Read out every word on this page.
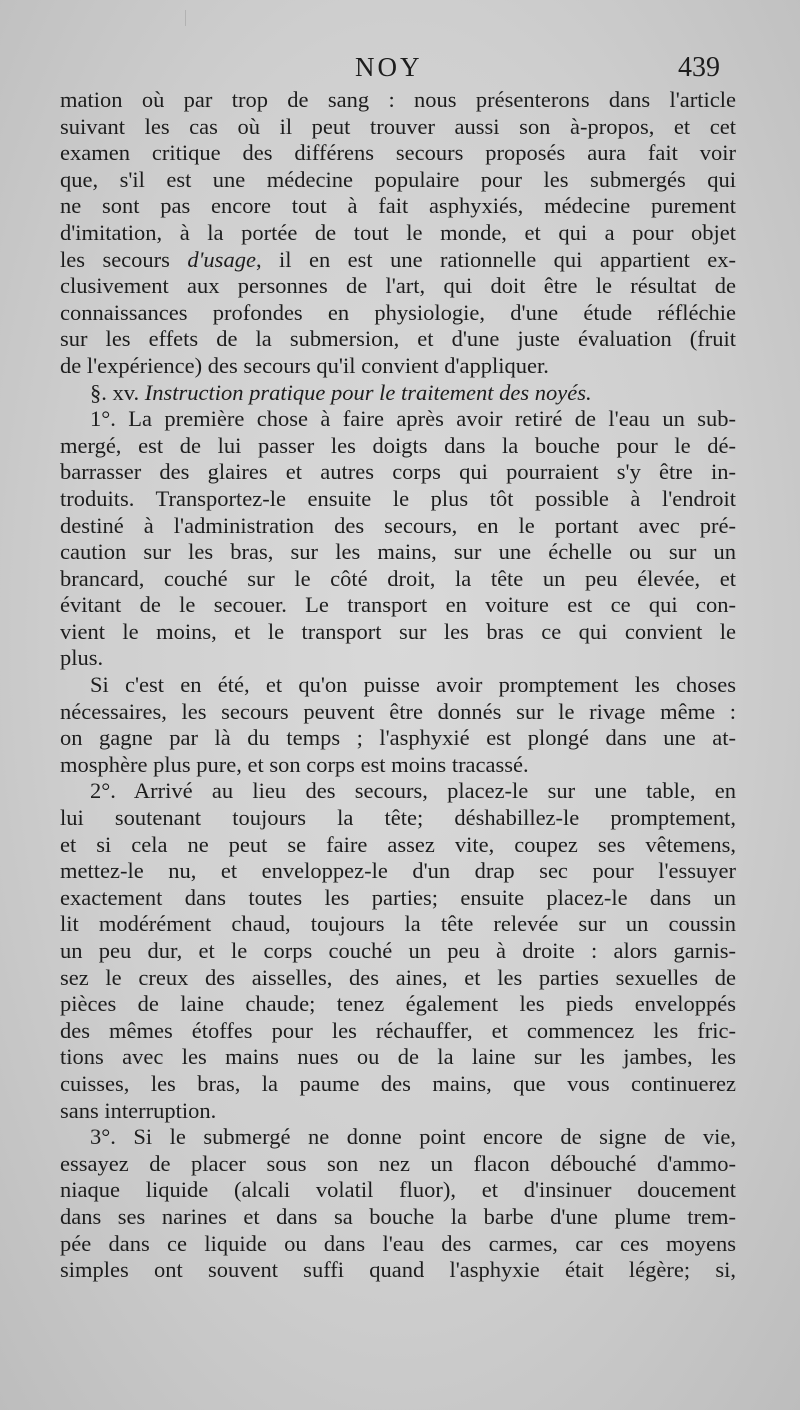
NOY	439
mation où par trop de sang : nous présenterons dans l'article
suivant les cas où il peut trouver aussi son à-propos, et cet
examen critique des différens secours proposés aura fait voir
que, s'il est une médecine populaire pour les submergés qui
ne sont pas encore tout à fait asphyxiés, médecine purement
d'imitation, à la portée de tout le monde, et qui a pour objet
les secours d'usage, il en est une rationnelle qui appartient ex-
clusivement aux personnes de l'art, qui doit être le résultat de
connaissances profondes en physiologie, d'une étude réfléchie
sur les effets de la submersion, et d'une juste évaluation (fruit
de l'expérience) des secours qu'il convient d'appliquer.
§. xv. Instruction pratique pour le traitement des noyés.
1°. La première chose à faire après avoir retiré de l'eau un sub-
mergé, est de lui passer les doigts dans la bouche pour le dé-
barrasser des glaires et autres corps qui pourraient s'y être in-
troduits. Transportez-le ensuite le plus tôt possible à l'endroit
destiné à l'administration des secours, en le portant avec pré-
caution sur les bras, sur les mains, sur une échelle ou sur un
brancard, couché sur le côté droit, la tête un peu élevée, et
évitant de le secouer. Le transport en voiture est ce qui con-
vient le moins, et le transport sur les bras ce qui convient le
plus.
Si c'est en été, et qu'on puisse avoir promptement les choses
nécessaires, les secours peuvent être donnés sur le rivage même :
on gagne par là du temps ; l'asphyxié est plongé dans une at-
mosphère plus pure, et son corps est moins tracassé.
2°. Arrivé au lieu des secours, placez-le sur une table, en
lui soutenant toujours la tête; déshabillez-le promptement,
et si cela ne peut se faire assez vite, coupez ses vêtemens,
mettez-le nu, et enveloppez-le d'un drap sec pour l'essuyer
exactement dans toutes les parties; ensuite placez-le dans un
lit modérément chaud, toujours la tête relevée sur un coussin
un peu dur, et le corps couché un peu à droite : alors garnis-
sez le creux des aisselles, des aines, et les parties sexuelles de
pièces de laine chaude; tenez également les pieds enveloppés
des mêmes étoffes pour les réchauffer, et commencez les fric-
tions avec les mains nues ou de la laine sur les jambes, les
cuisses, les bras, la paume des mains, que vous continuerez
sans interruption.
3°. Si le submergé ne donne point encore de signe de vie,
essayez de placer sous son nez un flacon débouché d'ammo-
niaque liquide (alcali volatil fluor), et d'insinuer doucement
dans ses narines et dans sa bouche la barbe d'une plume trem-
pée dans ce liquide ou dans l'eau des carmes, car ces moyens
simples ont souvent suffi quand l'asphyxie était légère; si,
